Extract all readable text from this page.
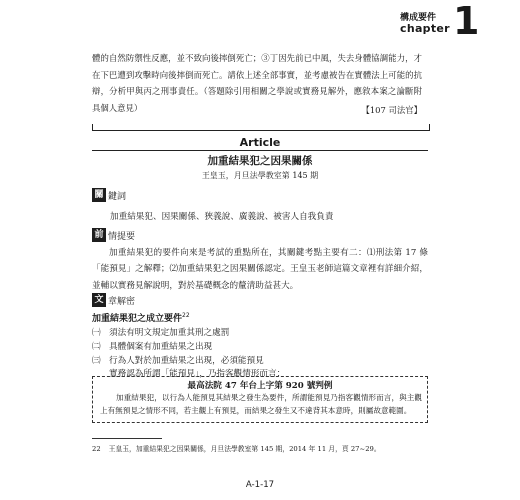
構成要件
chapter 1

體的自然防禦性反應，並不致向後摔倒死亡；③丁因先前已中風，失去身體協調能力，才在下巴遭到攻擊時向後摔倒而死亡。請依上述全部事實，並考慮被告在實體法上可能的抗辯，分析甲與丙之刑事責任。（答題除引用相關之學說或實務見解外，應敘本案之論斷附具個人意見）	【107 司法官】
Article
加重結果犯之因果關係
王皇玉，月旦法學教室第 145 期
關 鍵詞
加重結果犯、因果關係、狹義說、廣義說、被害人自我負責
前 情提要

加重結果犯的要件向來是考試的重點所在，其關鍵考點主要有二：⑴刑法第 17 條「能預見」之解釋；⑵加重結果犯之因果關係認定。王皇玉老師這篇文章裡有詳細介紹，並輔以實務見解說明，對於基礎概念的釐清助益甚大。

文 章解密
加重結果犯之成立要件$^{22}$
㈠ 須法有明文規定加重其刑之處罰
㈡ 具體個案有加重結果之出現
㈢ 行為人對於加重結果之出現，必須能預見
實務認為所謂「能預見」，乃指客觀情形而言：
最高法院 47 年台上字第 920 號判例

加重結果犯，以行為人能預見其結果之發生為要件，所謂能預見乃指客觀情形而言，與主觀上有無預見之情形不同，若主觀上有預見，而結果之發生又不違背其本意時，則屬故意範圍。

22 王皇玉，加重結果犯之因果關係，月旦法學教室第 145 期，2014 年 11 月，頁 27~29。
A-1-17
